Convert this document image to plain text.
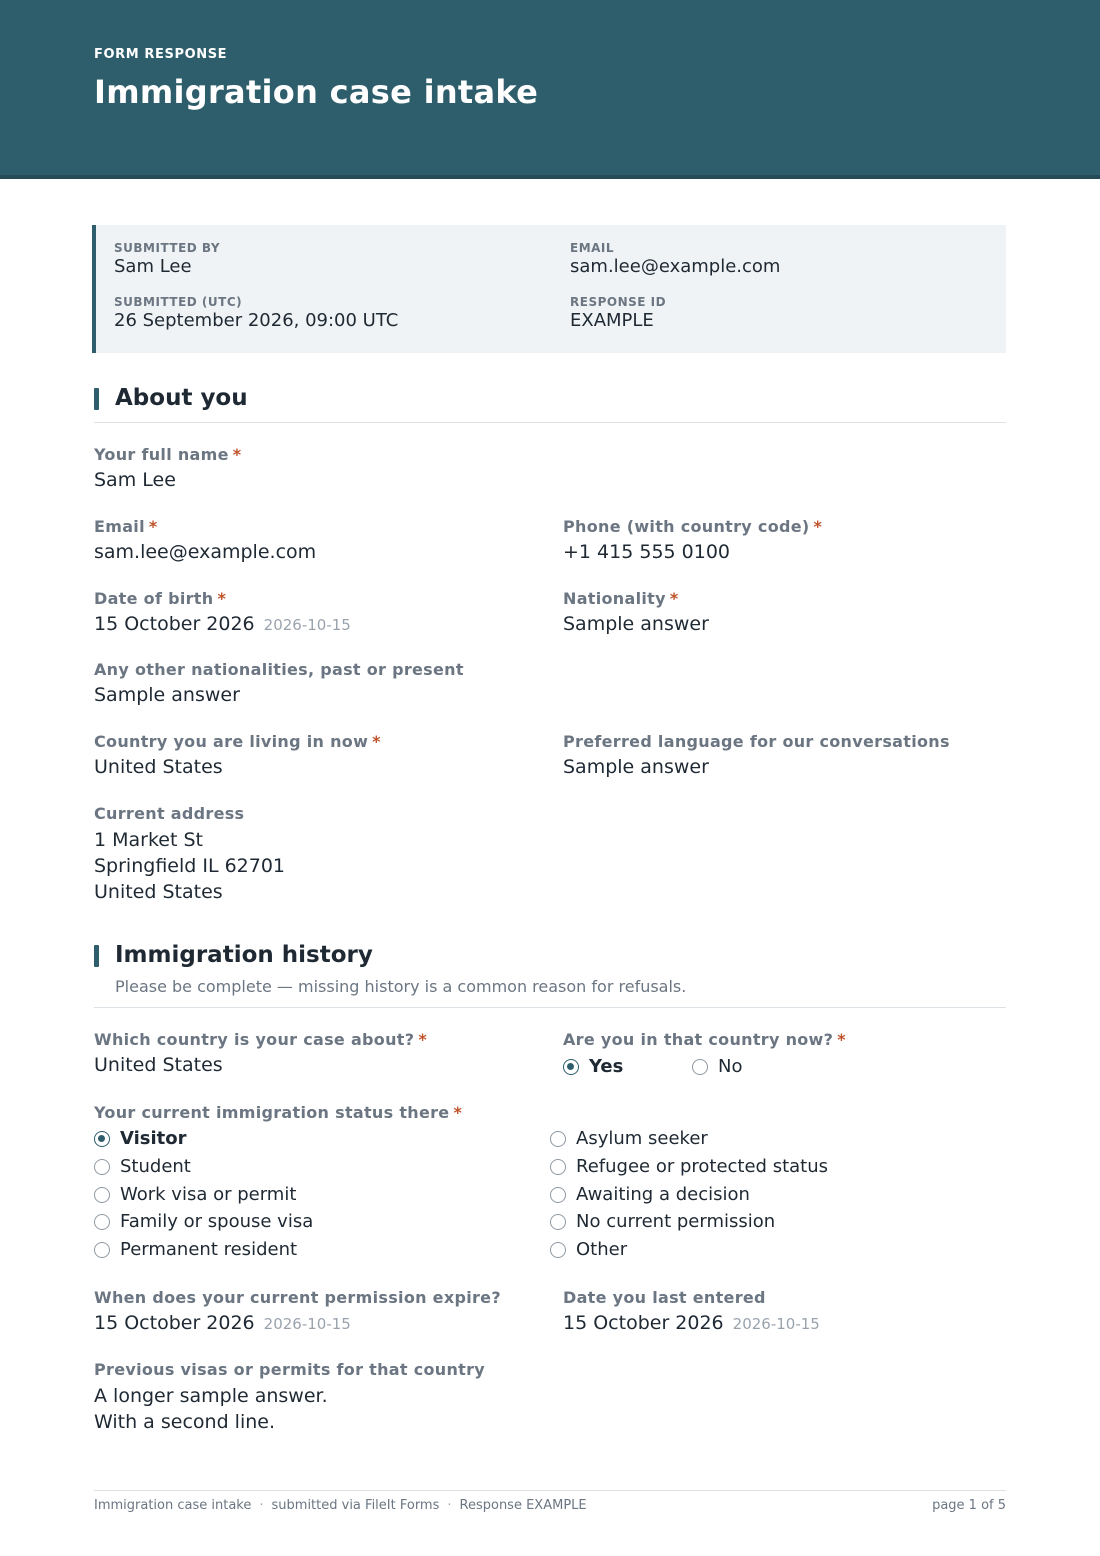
FORM RESPONSE
Immigration case intake
SUBMITTED BY
Sam Lee
EMAIL
sam.lee@example.com
SUBMITTED (UTC)
26 September 2026, 09:00 UTC
RESPONSE ID
EXAMPLE
About you
Your full name *
Sam Lee
Email *
sam.lee@example.com
Phone (with country code) *
+1 415 555 0100
Date of birth *
15 October 2026 2026-10-15
Nationality *
Sample answer
Any other nationalities, past or present
Sample answer
Country you are living in now *
United States
Preferred language for our conversations
Sample answer
Current address
1 Market St
Springfield IL 62701
United States
Immigration history
Please be complete — missing history is a common reason for refusals.
Which country is your case about? *
United States
Are you in that country now? *
Yes	No
Your current immigration status there *
Visitor
Student
Work visa or permit
Family or spouse visa
Permanent resident
Asylum seeker
Refugee or protected status
Awaiting a decision
No current permission
Other
When does your current permission expire?
15 October 2026 2026-10-15
Date you last entered
15 October 2026 2026-10-15
Previous visas or permits for that country
A longer sample answer.
With a second line.
Immigration case intake · submitted via FileIt Forms · Response EXAMPLE	page 1 of 5
